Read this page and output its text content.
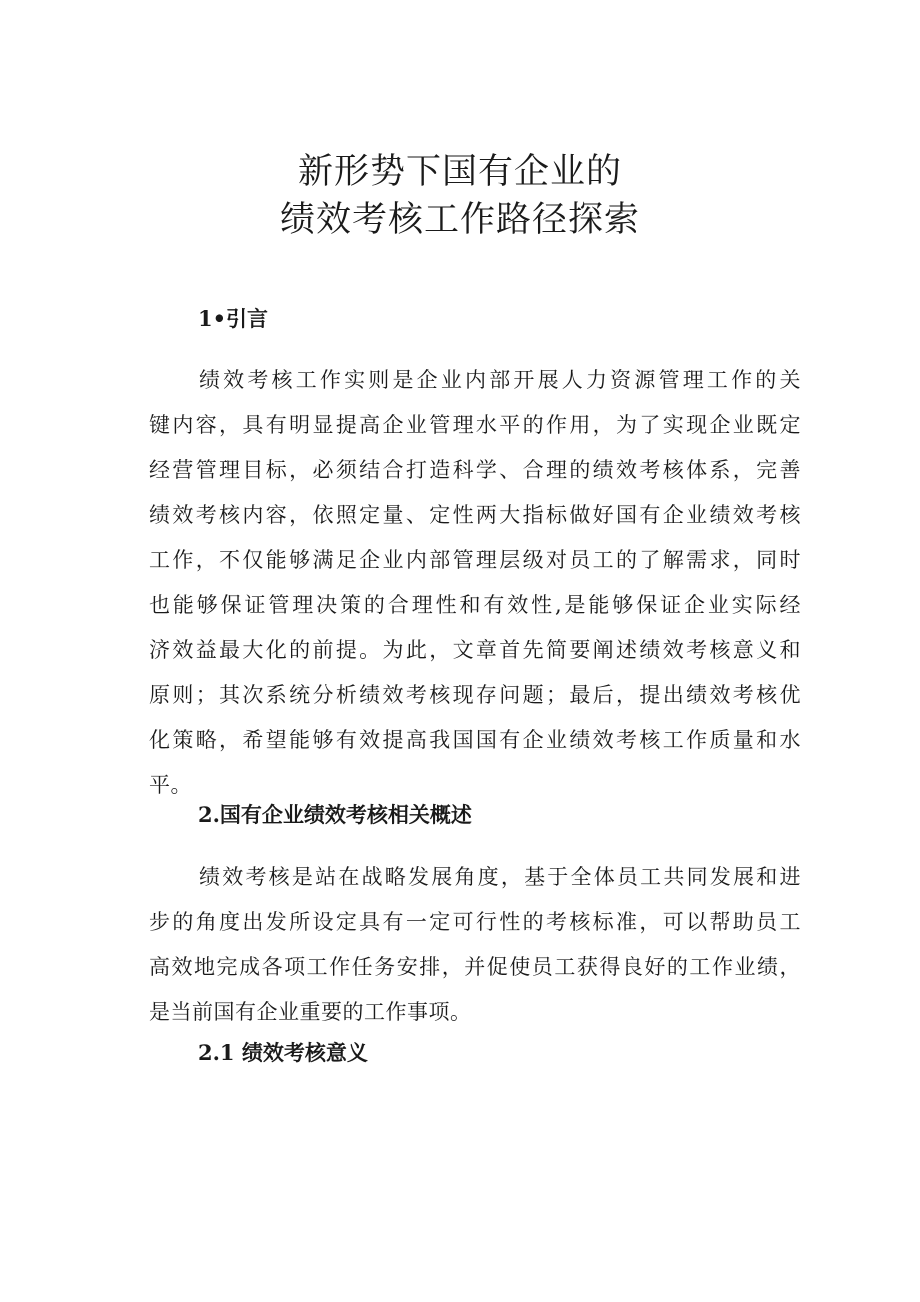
新形势下国有企业的
绩效考核工作路径探索
1•引言
绩效考核工作实则是企业内部开展人力资源管理工作的关
键内容，具有明显提高企业管理水平的作用，为了实现企业既定
经营管理目标，必须结合打造科学、合理的绩效考核体系，完善
绩效考核内容，依照定量、定性两大指标做好国有企业绩效考核
工作，不仅能够满足企业内部管理层级对员工的了解需求，同时
也能够保证管理决策的合理性和有效性,是能够保证企业实际经
济效益最大化的前提。为此，文章首先简要阐述绩效考核意义和
原则；其次系统分析绩效考核现存问题；最后，提出绩效考核优
化策略，希望能够有效提高我国国有企业绩效考核工作质量和水
平。
2.国有企业绩效考核相关概述
绩效考核是站在战略发展角度，基于全体员工共同发展和进
步的角度出发所设定具有一定可行性的考核标准，可以帮助员工
高效地完成各项工作任务安排，并促使员工获得良好的工作业绩，
是当前国有企业重要的工作事项。
2.1 绩效考核意义
